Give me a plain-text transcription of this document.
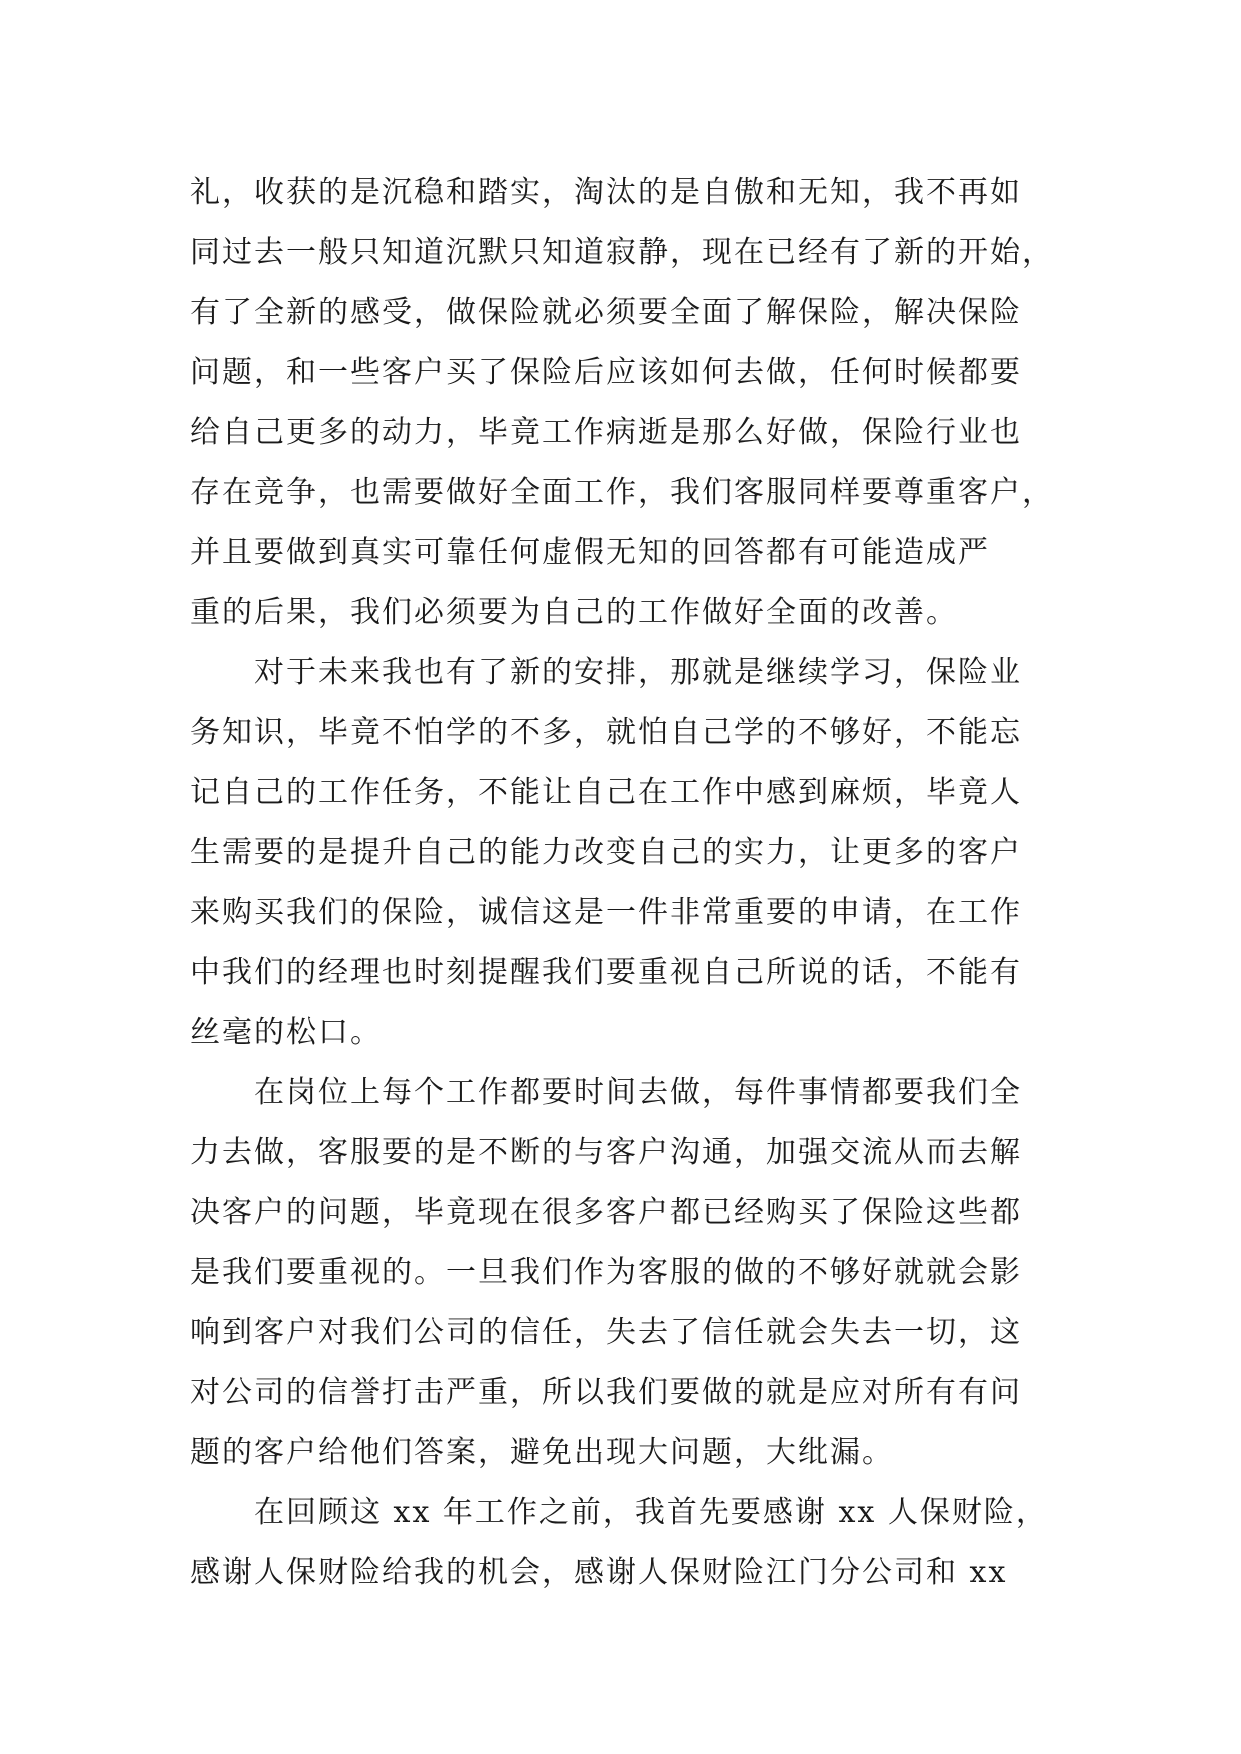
礼，收获的是沉稳和踏实，淘汰的是自傲和无知，我不再如
同过去一般只知道沉默只知道寂静，现在已经有了新的开始，
有了全新的感受，做保险就必须要全面了解保险，解决保险
问题，和一些客户买了保险后应该如何去做，任何时候都要
给自己更多的动力，毕竟工作病逝是那么好做，保险行业也
存在竞争，也需要做好全面工作，我们客服同样要尊重客户，
并且要做到真实可靠任何虚假无知的回答都有可能造成严
重的后果，我们必须要为自己的工作做好全面的改善。
对于未来我也有了新的安排，那就是继续学习，保险业
务知识，毕竟不怕学的不多，就怕自己学的不够好，不能忘
记自己的工作任务，不能让自己在工作中感到麻烦，毕竟人
生需要的是提升自己的能力改变自己的实力，让更多的客户
来购买我们的保险，诚信这是一件非常重要的申请，在工作
中我们的经理也时刻提醒我们要重视自己所说的话，不能有
丝毫的松口。
在岗位上每个工作都要时间去做，每件事情都要我们全
力去做，客服要的是不断的与客户沟通，加强交流从而去解
决客户的问题，毕竟现在很多客户都已经购买了保险这些都
是我们要重视的。一旦我们作为客服的做的不够好就就会影
响到客户对我们公司的信任，失去了信任就会失去一切，这
对公司的信誉打击严重，所以我们要做的就是应对所有有问
题的客户给他们答案，避免出现大问题，大纰漏。
在回顾这 xx 年工作之前，我首先要感谢 xx 人保财险，
感谢人保财险给我的机会，感谢人保财险江门分公司和 xx
